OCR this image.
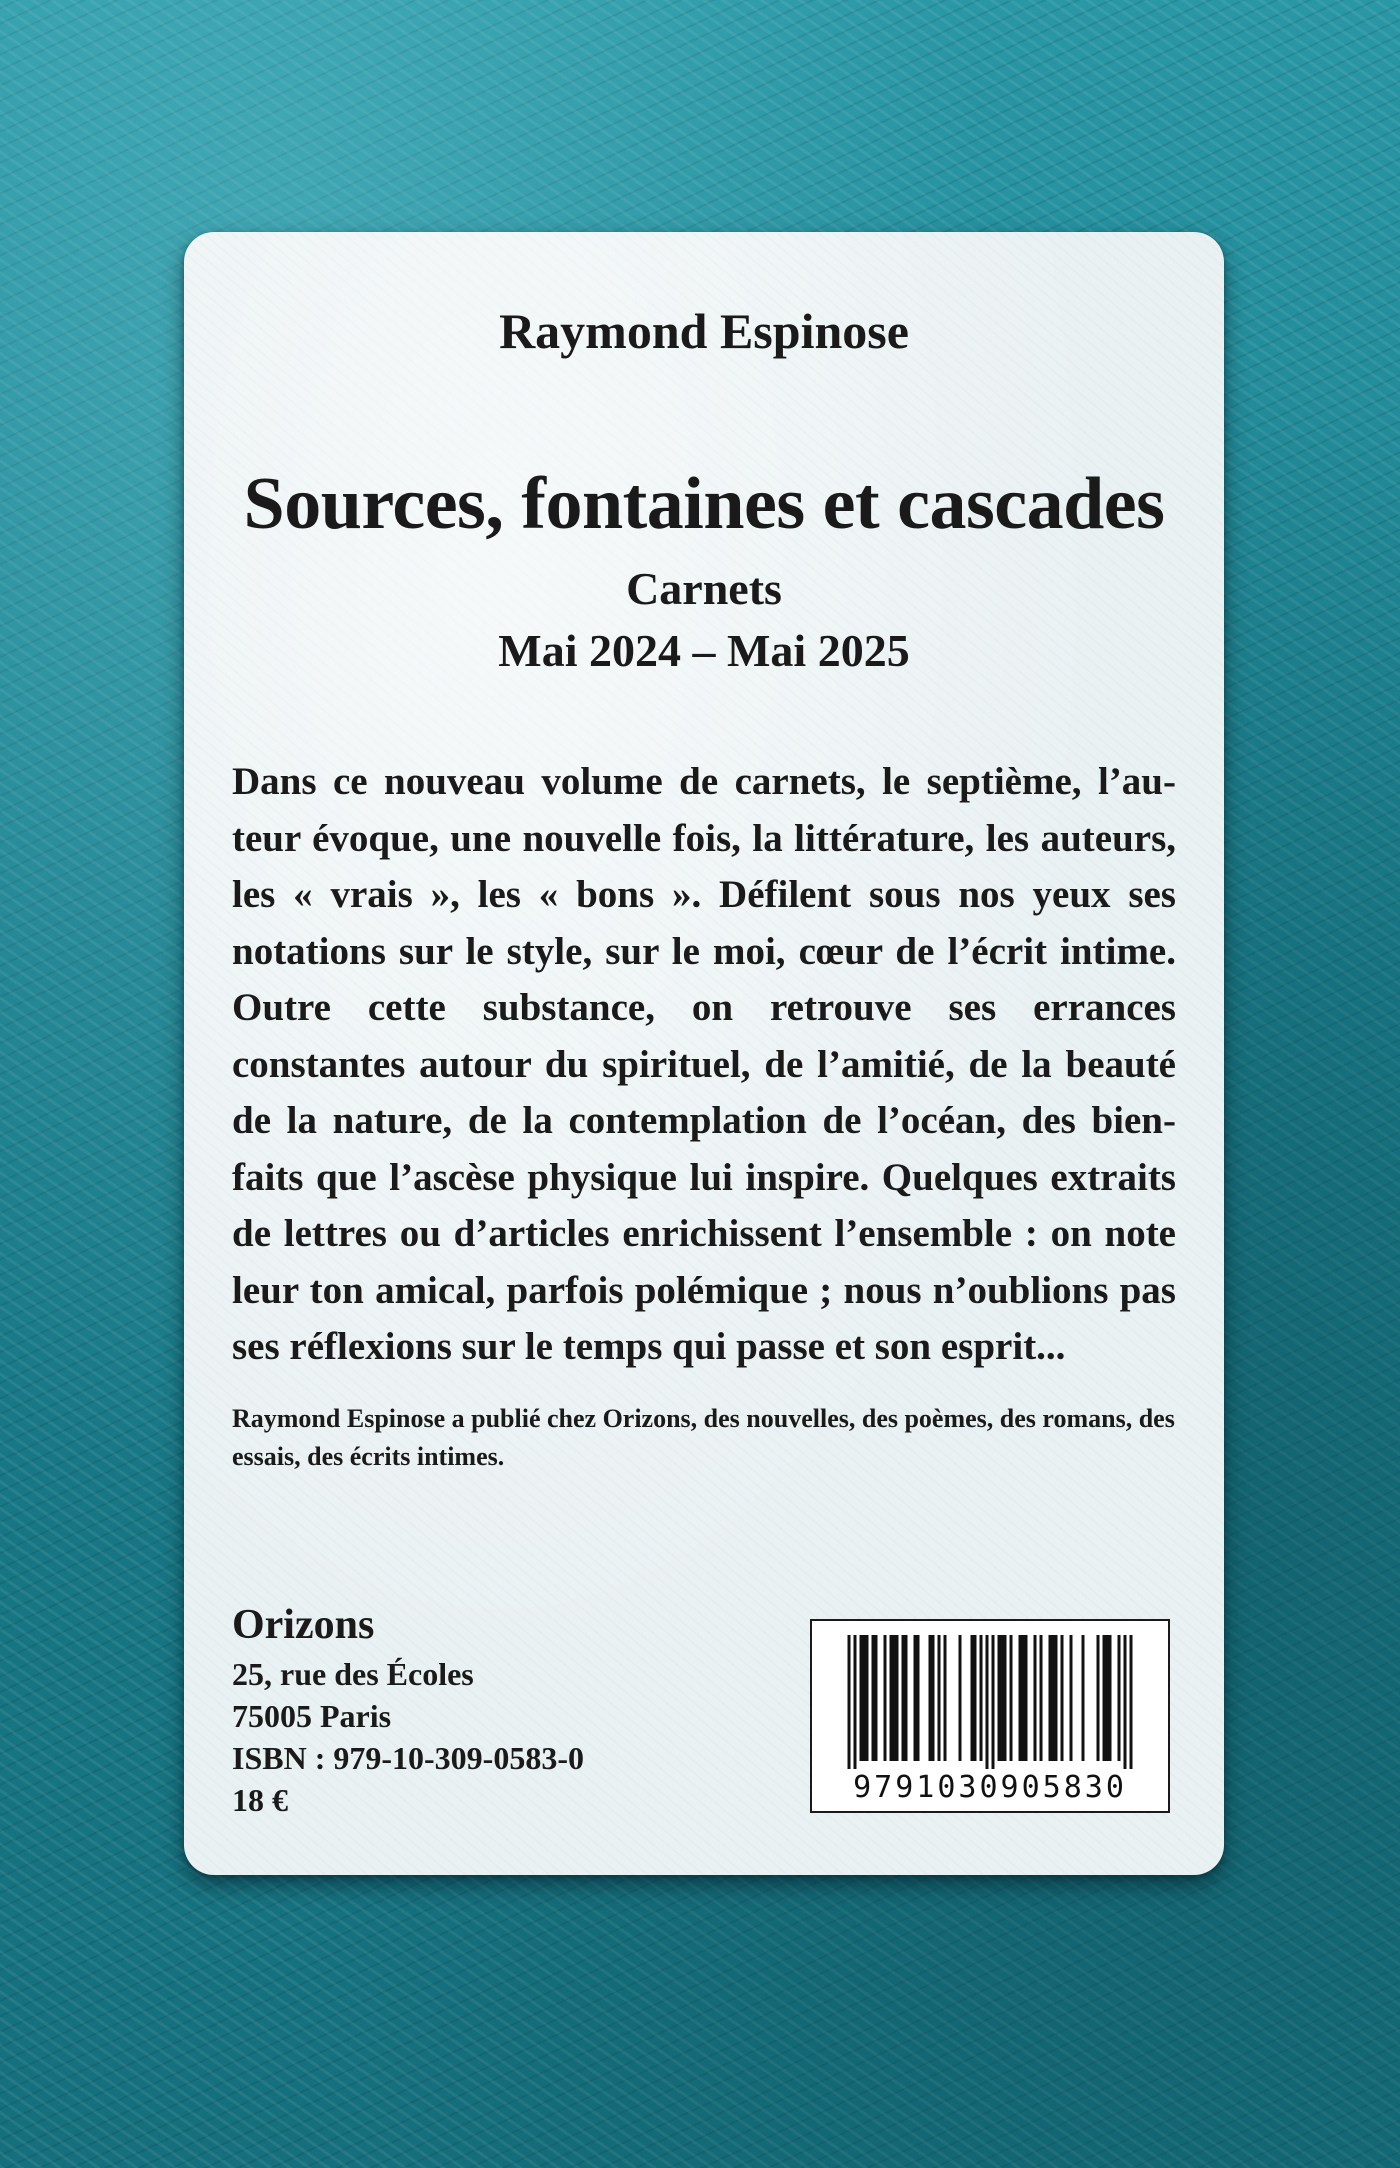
Raymond Espinose
Sources, fontaines et cascades
Carnets
Mai 2024 – Mai 2025

Dans ce nouveau volume de carnets, le septième, l’auteur évoque, une nouvelle fois, la littérature, les auteurs, les « vrais », les « bons ». Défilent sous nos yeux ses notations sur le style, sur le moi, cœur de l’écrit intime. Outre cette substance, on retrouve ses errances constantes autour du spirituel, de l’amitié, de la beauté de la nature, de la contemplation de l’océan, des bienfaits que l’ascèse physique lui inspire. Quelques extraits de lettres ou d’articles enrichissent l’ensemble : on note leur ton amical, parfois polémique ; nous n’oublions pas ses réflexions sur le temps qui passe et son esprit...

Raymond Espinose a publié chez Orizons, des nouvelles, des poèmes, des romans, des essais, des écrits intimes.

Orizons
25, rue des Écoles
75005 Paris
ISBN : 979-10-309-0583-0
18 €	9791030905830
